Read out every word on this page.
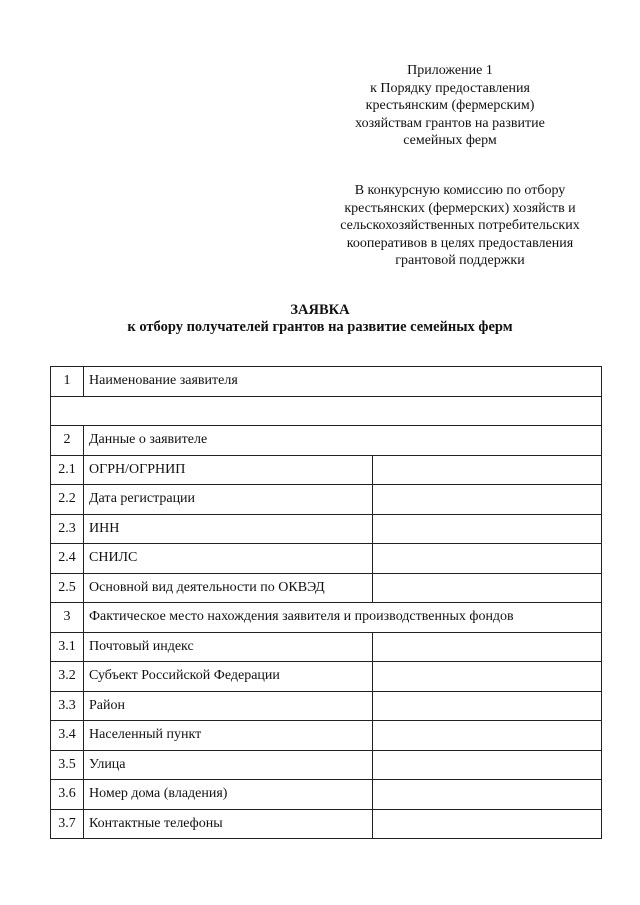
Приложение 1
к Порядку предоставления
крестьянским (фермерским)
хозяйствам грантов на развитие
семейных ферм
В конкурсную комиссию по отбору
крестьянских (фермерских) хозяйств и
сельскохозяйственных потребительских
кооперативов в целях предоставления
грантовой поддержки
ЗАЯВКА
к отбору получателей грантов на развитие семейных ферм
1	Наименование заявителя	

2	Данные о заявителе	
2.1	ОГРН/ОГРНИП	
2.2	Дата регистрации	
2.3	ИНН	
2.4	СНИЛС	
2.5	Основной вид деятельности по ОКВЭД	
3	Фактическое место нахождения заявителя и производственных фондов	
3.1	Почтовый индекс	
3.2	Субъект Российской Федерации	
3.3	Район	
3.4	Населенный пункт	
3.5	Улица	
3.6	Номер дома (владения)	
3.7	Контактные телефоны	
